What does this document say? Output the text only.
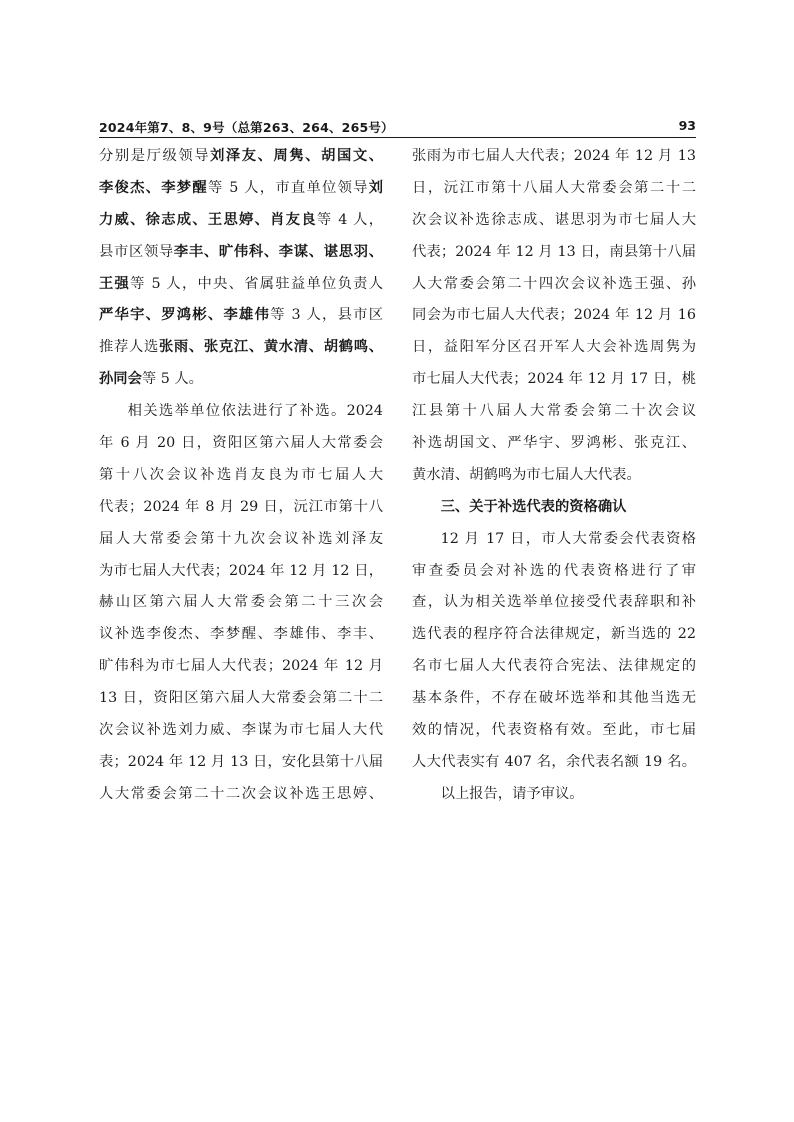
2024年第7、8、9号（总第263、264、265号）	93
分别是厅级领导刘泽友、周隽、胡国文、
李俊杰、李梦醒等 5 人，市直单位领导刘
力威、徐志成、王思婷、肖友良等 4 人，
县市区领导李丰、旷伟科、李谋、谌思羽、
王强等 5 人，中央、省属驻益单位负责人
严华宇、罗鸿彬、李雄伟等 3 人，县市区
推荐人选张雨、张克江、黄水清、胡鹤鸣、
孙同会等 5 人。
相关选举单位依法进行了补选。2024
年 6 月 20 日，资阳区第六届人大常委会
第十八次会议补选肖友良为市七届人大
代表；2024 年 8 月 29 日，沅江市第十八
届人大常委会第十九次会议补选刘泽友
为市七届人大代表；2024 年 12 月 12 日，
赫山区第六届人大常委会第二十三次会
议补选李俊杰、李梦醒、李雄伟、李丰、
旷伟科为市七届人大代表；2024 年 12 月
13 日，资阳区第六届人大常委会第二十二
次会议补选刘力威、李谋为市七届人大代
表；2024 年 12 月 13 日，安化县第十八届
人大常委会第二十二次会议补选王思婷、
张雨为市七届人大代表；2024 年 12 月 13
日，沅江市第十八届人大常委会第二十二
次会议补选徐志成、谌思羽为市七届人大
代表；2024 年 12 月 13 日，南县第十八届
人大常委会第二十四次会议补选王强、孙
同会为市七届人大代表；2024 年 12 月 16
日，益阳军分区召开军人大会补选周隽为
市七届人大代表；2024 年 12 月 17 日，桃
江县第十八届人大常委会第二十次会议
补选胡国文、严华宇、罗鸿彬、张克江、
黄水清、胡鹤鸣为市七届人大代表。
三、关于补选代表的资格确认
12 月 17 日，市人大常委会代表资格
审查委员会对补选的代表资格进行了审
查，认为相关选举单位接受代表辞职和补
选代表的程序符合法律规定，新当选的 22
名市七届人大代表符合宪法、法律规定的
基本条件，不存在破坏选举和其他当选无
效的情况，代表资格有效。至此，市七届
人大代表实有 407 名，余代表名额 19 名。
以上报告，请予审议。
